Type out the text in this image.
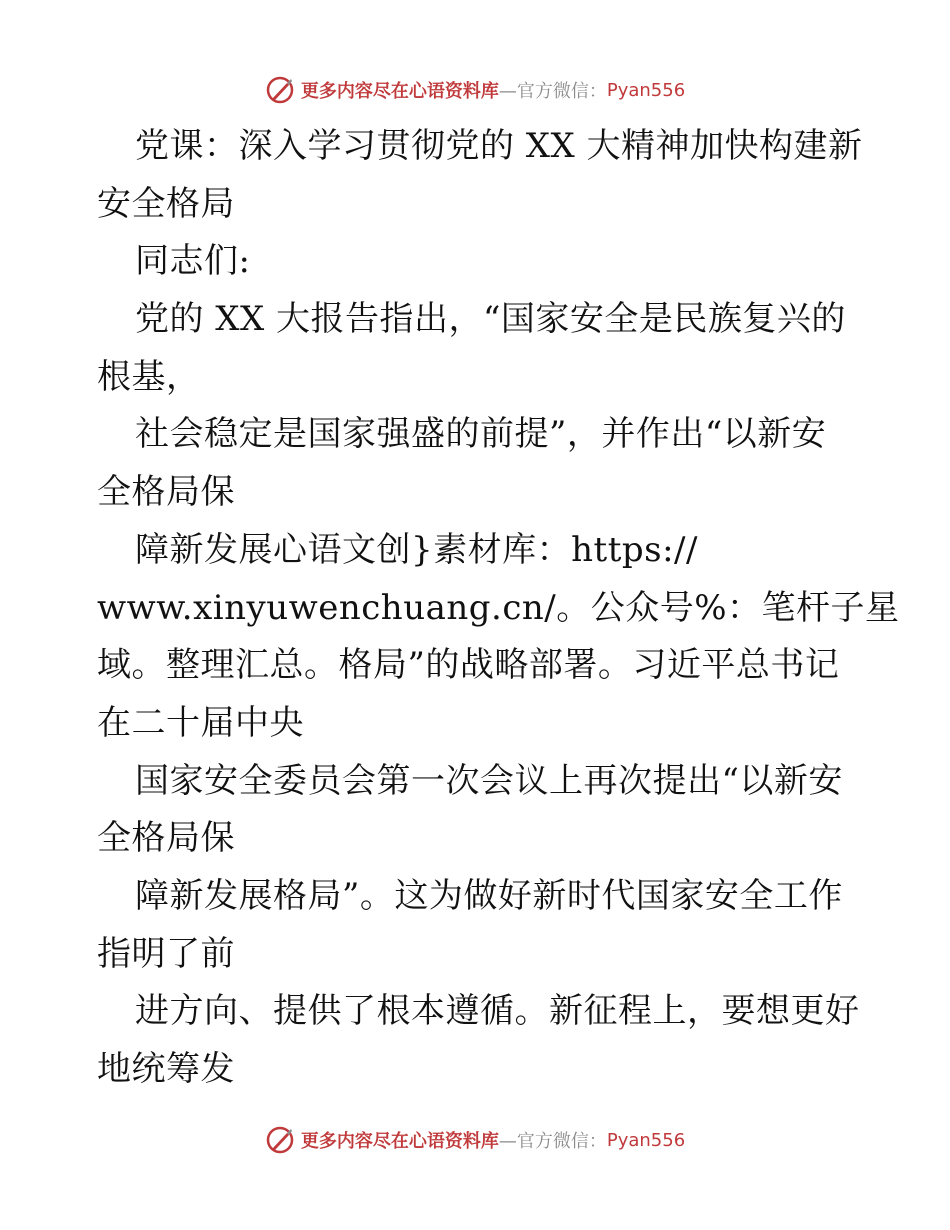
更多内容尽在心语资料库 —官方微信： Pyan556
党课：深入学习贯彻党的 XX 大精神加快构建新
安全格局
同志们:
党的 XX 大报告指出，“国家安全是民族复兴的
根基，
社会稳定是国家强盛的前提”，并作出“以新安
全格局保
障新发展心语文创}素材库：https://
www.xinyuwenchuang.cn/。公众号%：笔杆子星
域。整理汇总。格局”的战略部署。习近平总书记
在二十届中央
国家安全委员会第一次会议上再次提出“以新安
全格局保
障新发展格局”。这为做好新时代国家安全工作
指明了前
进方向、提供了根本遵循。新征程上，要想更好
地统筹发
更多内容尽在心语资料库 —官方微信： Pyan556
